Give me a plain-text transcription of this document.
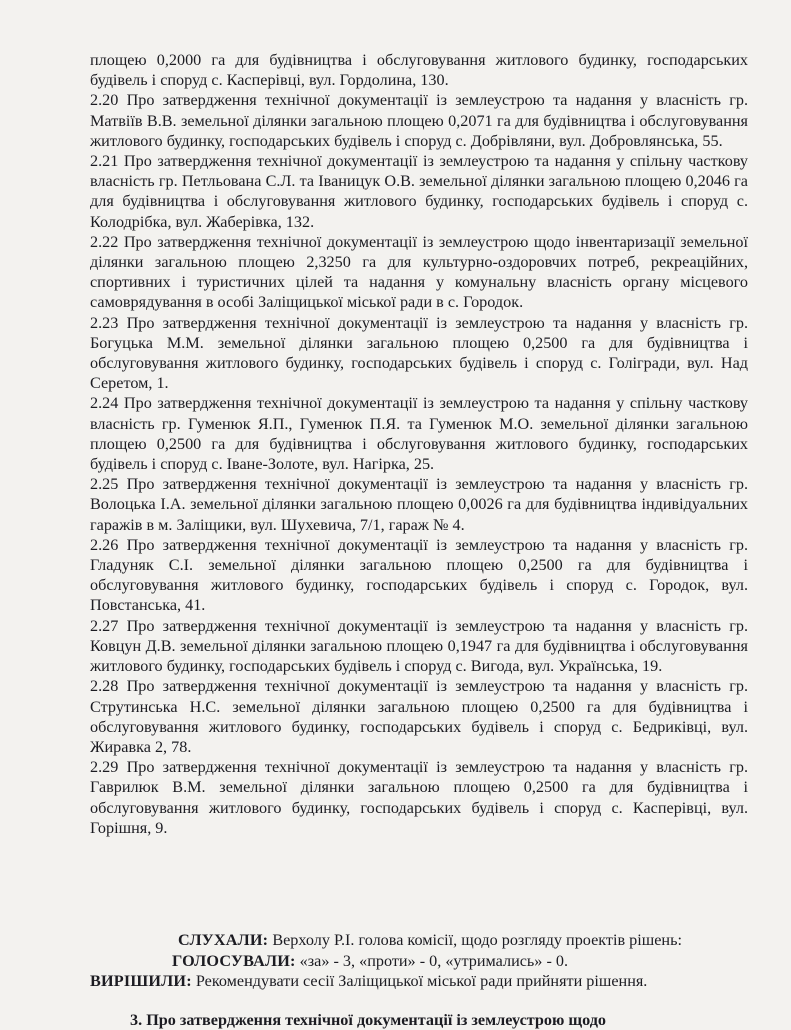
площею 0,2000 га для будівництва і обслуговування житлового будинку, господарських будівель і споруд с. Касперівці, вул. Гордолина, 130.

2.20 Про затвердження технічної документації із землеустрою та надання у власність гр. Матвіїв В.В. земельної ділянки загальною площею 0,2071 га для будівництва і обслуговування житлового будинку, господарських будівель і споруд с. Добрівляни, вул. Добровлянська, 55.

2.21 Про затвердження технічної документації із землеустрою та надання у спільну часткову власність гр. Петльована С.Л. та Іваницук О.В. земельної ділянки загальною площею 0,2046 га для будівництва і обслуговування житлового будинку, господарських будівель і споруд с. Колодрібка, вул. Жаберівка, 132.

2.22 Про затвердження технічної документації із землеустрою щодо інвентаризації земельної ділянки загальною площею 2,3250 га для культурно-оздоровчих потреб, рекреаційних, спортивних і туристичних цілей та надання у комунальну власність органу місцевого самоврядування в особі Заліщицької міської ради в с. Городок.

2.23 Про затвердження технічної документації із землеустрою та надання у власність гр. Богуцька М.М. земельної ділянки загальною площею 0,2500 га для будівництва і обслуговування житлового будинку, господарських будівель і споруд с. Голігради, вул. Над Серетом, 1.

2.24 Про затвердження технічної документації із землеустрою та надання у спільну часткову власність гр. Гуменюк Я.П., Гуменюк П.Я. та Гуменюк М.О. земельної ділянки загальною площею 0,2500 га для будівництва і обслуговування житлового будинку, господарських будівель і споруд с. Іване-Золоте, вул. Нагірка, 25.

2.25 Про затвердження технічної документації із землеустрою та надання у власність гр. Волоцька І.А. земельної ділянки загальною площею 0,0026 га для будівництва індивідуальних гаражів в м. Заліщики, вул. Шухевича, 7/1, гараж № 4.

2.26 Про затвердження технічної документації із землеустрою та надання у власність гр. Гладуняк С.І. земельної ділянки загальною площею 0,2500 га для будівництва і обслуговування житлового будинку, господарських будівель і споруд с. Городок, вул. Повстанська, 41.

2.27 Про затвердження технічної документації із землеустрою та надання у власність гр. Ковцун Д.В. земельної ділянки загальною площею 0,1947 га для будівництва і обслуговування житлового будинку, господарських будівель і споруд с. Вигода, вул. Українська, 19.

2.28 Про затвердження технічної документації із землеустрою та надання у власність гр. Струтинська Н.С. земельної ділянки загальною площею 0,2500 га для будівництва і обслуговування житлового будинку, господарських будівель і споруд с. Бедриківці, вул. Жиравка 2, 78.

2.29 Про затвердження технічної документації із землеустрою та надання у власність гр. Гаврилюк В.М. земельної ділянки загальною площею 0,2500 га для будівництва і обслуговування житлового будинку, господарських будівель і споруд с. Касперівці, вул. Горішня, 9.

СЛУХАЛИ: Верхолу Р.І. голова комісії, щодо розгляду проектів рішень:

ГОЛОСУВАЛИ: «за» - 3, «проти» - 0, «утримались» - 0.

ВИРІШИЛИ: Рекомендувати сесії Заліщицької міської ради прийняти рішення.

3. Про затвердження технічної документації із землеустрою щодо
